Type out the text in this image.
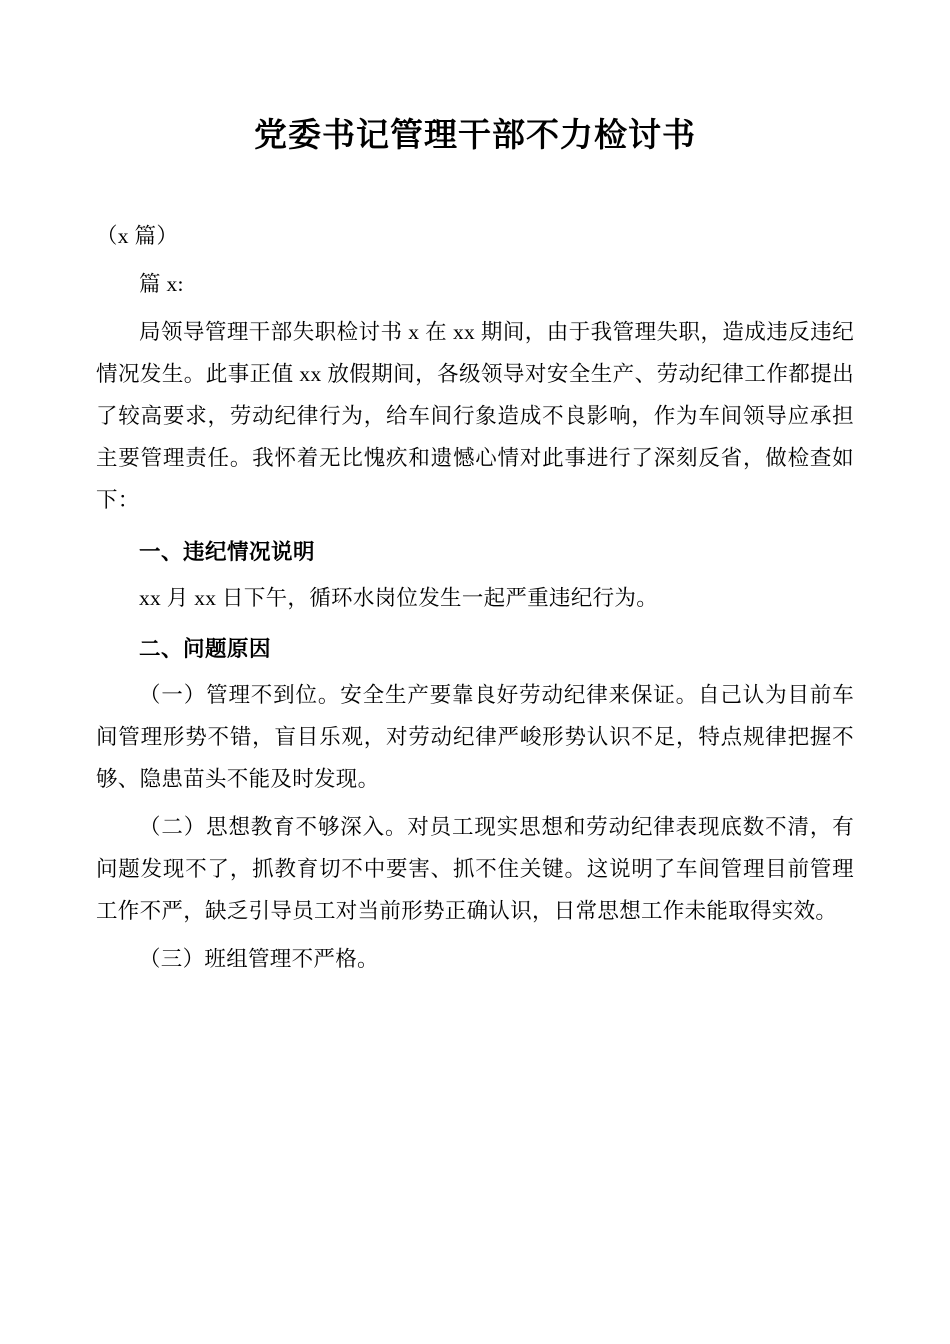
党委书记管理干部不力检讨书

（x 篇）

篇 x:

局领导管理干部失职检讨书 x 在 xx 期间，由于我管理失职，造成违反违纪情况发生。此事正值 xx 放假期间，各级领导对安全生产、劳动纪律工作都提出了较高要求，劳动纪律行为，给车间行象造成不良影响，作为车间领导应承担主要管理责任。我怀着无比愧疚和遗憾心情对此事进行了深刻反省，做检查如下：

一、违纪情况说明

xx 月 xx 日下午，循环水岗位发生一起严重违纪行为。

二、问题原因

（一）管理不到位。安全生产要靠良好劳动纪律来保证。自己认为目前车间管理形势不错，盲目乐观，对劳动纪律严峻形势认识不足，特点规律把握不够、隐患苗头不能及时发现。

（二）思想教育不够深入。对员工现实思想和劳动纪律表现底数不清，有问题发现不了，抓教育切不中要害、抓不住关键。这说明了车间管理目前管理工作不严，缺乏引导员工对当前形势正确认识，日常思想工作未能取得实效。

（三）班组管理不严格。
